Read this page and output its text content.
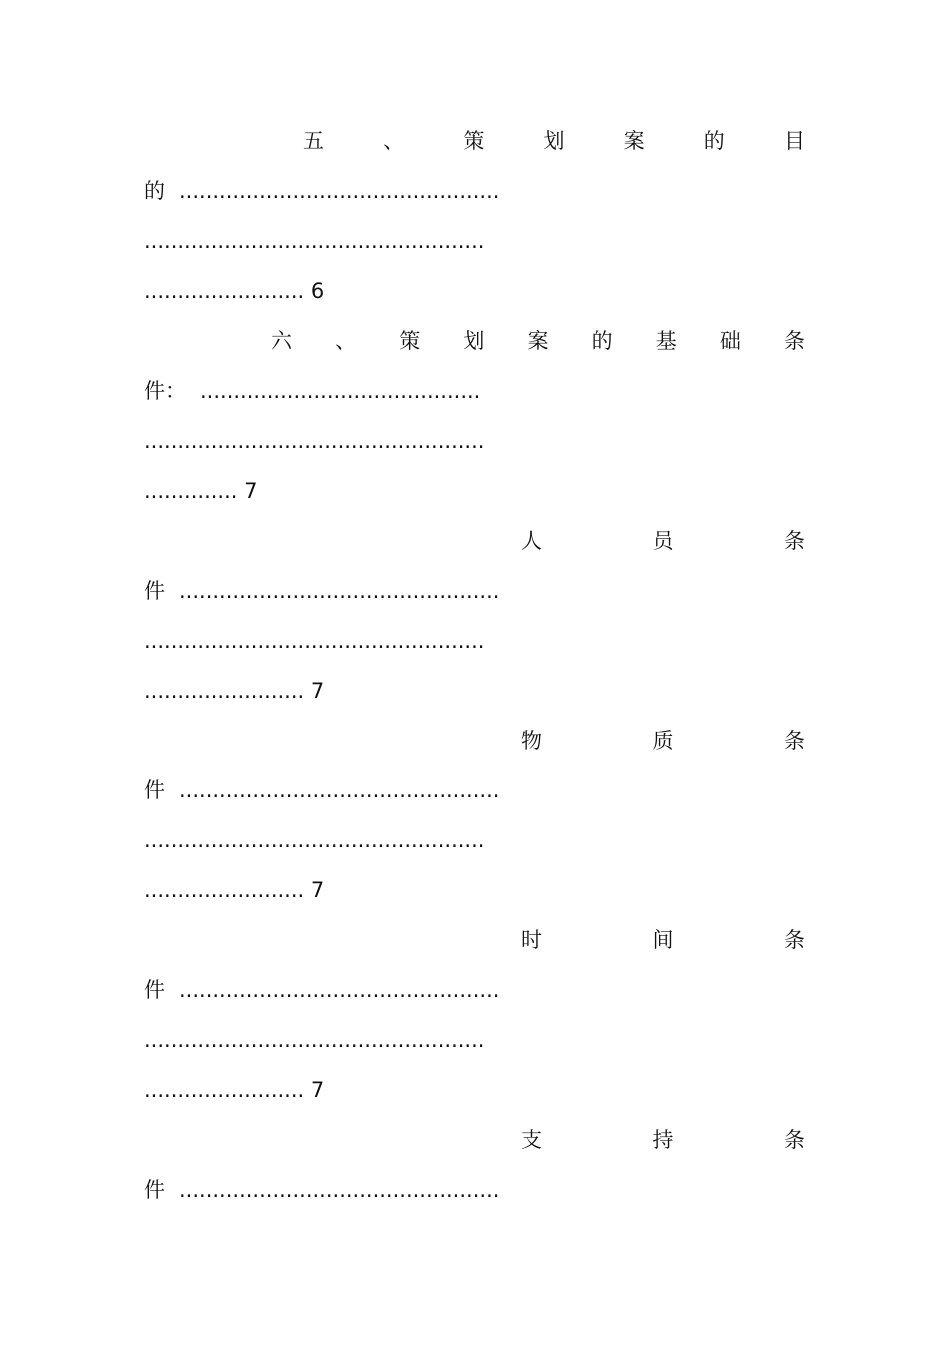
五	、	策	划	案	的	目
的 ................................................
...................................................
........................ 6
六 、 策 划 案 的 基 础 条
件： ..........................................
...................................................
.............. 7
人	员	条
件 ................................................
...................................................
........................ 7
物	质	条
件 ................................................
...................................................
........................ 7
时	间	条
件 ................................................
...................................................
........................ 7
支	持	条
件 ................................................
